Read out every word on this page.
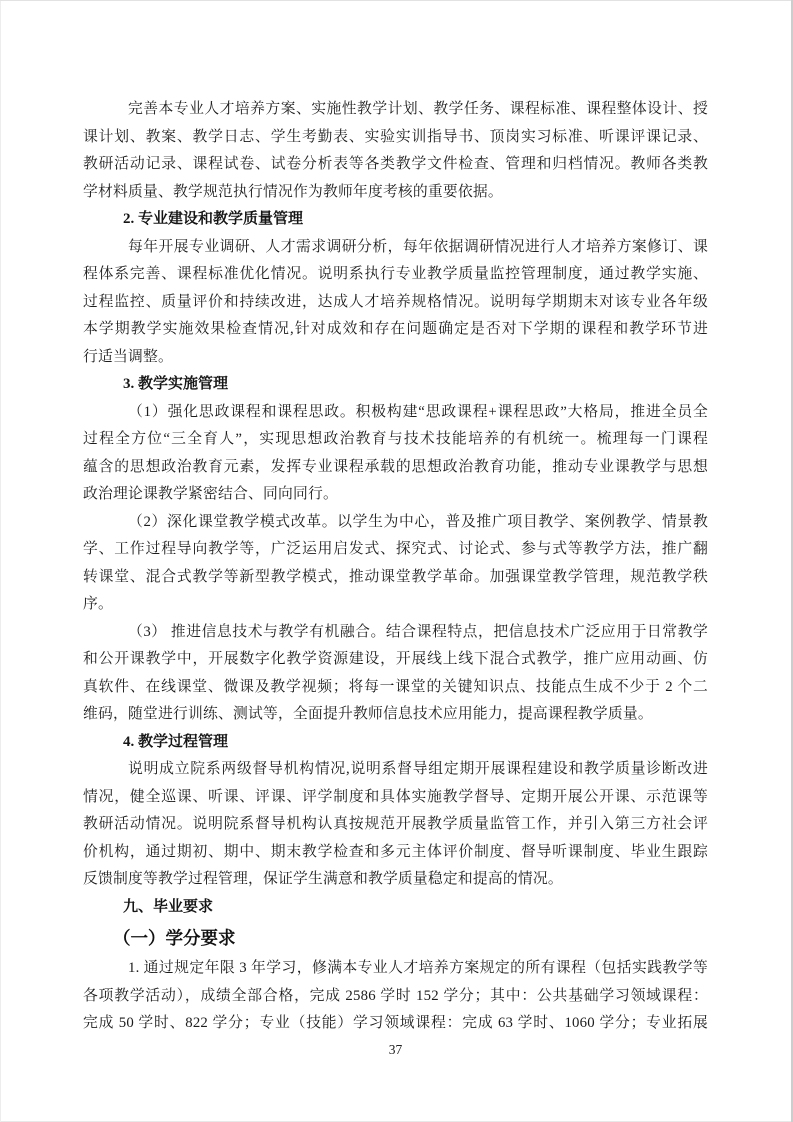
完善本专业人才培养方案、实施性教学计划、教学任务、课程标准、课程整体设计、授
课计划、教案、教学日志、学生考勤表、实验实训指导书、顶岗实习标准、听课评课记录、
教研活动记录、课程试卷、试卷分析表等各类教学文件检查、管理和归档情况。教师各类教
学材料质量、教学规范执行情况作为教师年度考核的重要依据。
2. 专业建设和教学质量管理
每年开展专业调研、人才需求调研分析，每年依据调研情况进行人才培养方案修订、课
程体系完善、课程标准优化情况。说明系执行专业教学质量监控管理制度，通过教学实施、
过程监控、质量评价和持续改进，达成人才培养规格情况。说明每学期期末对该专业各年级
本学期教学实施效果检查情况,针对成效和存在问题确定是否对下学期的课程和教学环节进
行适当调整。
3. 教学实施管理
（1）强化思政课程和课程思政。积极构建“思政课程+课程思政”大格局，推进全员全
过程全方位“三全育人”，实现思想政治教育与技术技能培养的有机统一。梳理每一门课程
蕴含的思想政治教育元素，发挥专业课程承载的思想政治教育功能，推动专业课教学与思想
政治理论课教学紧密结合、同向同行。
（2）深化课堂教学模式改革。以学生为中心，普及推广项目教学、案例教学、情景教
学、工作过程导向教学等，广泛运用启发式、探究式、讨论式、参与式等教学方法，推广翻
转课堂、混合式教学等新型教学模式，推动课堂教学革命。加强课堂教学管理，规范教学秩
序。
（3） 推进信息技术与教学有机融合。结合课程特点，把信息技术广泛应用于日常教学
和公开课教学中，开展数字化教学资源建设，开展线上线下混合式教学，推广应用动画、仿
真软件、在线课堂、微课及教学视频；将每一课堂的关键知识点、技能点生成不少于 2 个二
维码，随堂进行训练、测试等，全面提升教师信息技术应用能力，提高课程教学质量。
4. 教学过程管理
说明成立院系两级督导机构情况,说明系督导组定期开展课程建设和教学质量诊断改进
情况，健全巡课、听课、评课、评学制度和具体实施教学督导、定期开展公开课、示范课等
教研活动情况。说明院系督导机构认真按规范开展教学质量监管工作，并引入第三方社会评
价机构，通过期初、期中、期末教学检查和多元主体评价制度、督导听课制度、毕业生跟踪
反馈制度等教学过程管理，保证学生满意和教学质量稳定和提高的情况。
九、毕业要求
（一）学分要求
1. 通过规定年限 3 年学习，修满本专业人才培养方案规定的所有课程（包括实践教学等
各项教学活动），成绩全部合格，完成 2586 学时 152 学分；其中：公共基础学习领域课程：
完成 50 学时、822 学分；专业（技能）学习领域课程：完成 63 学时、1060 学分；专业拓展
37
